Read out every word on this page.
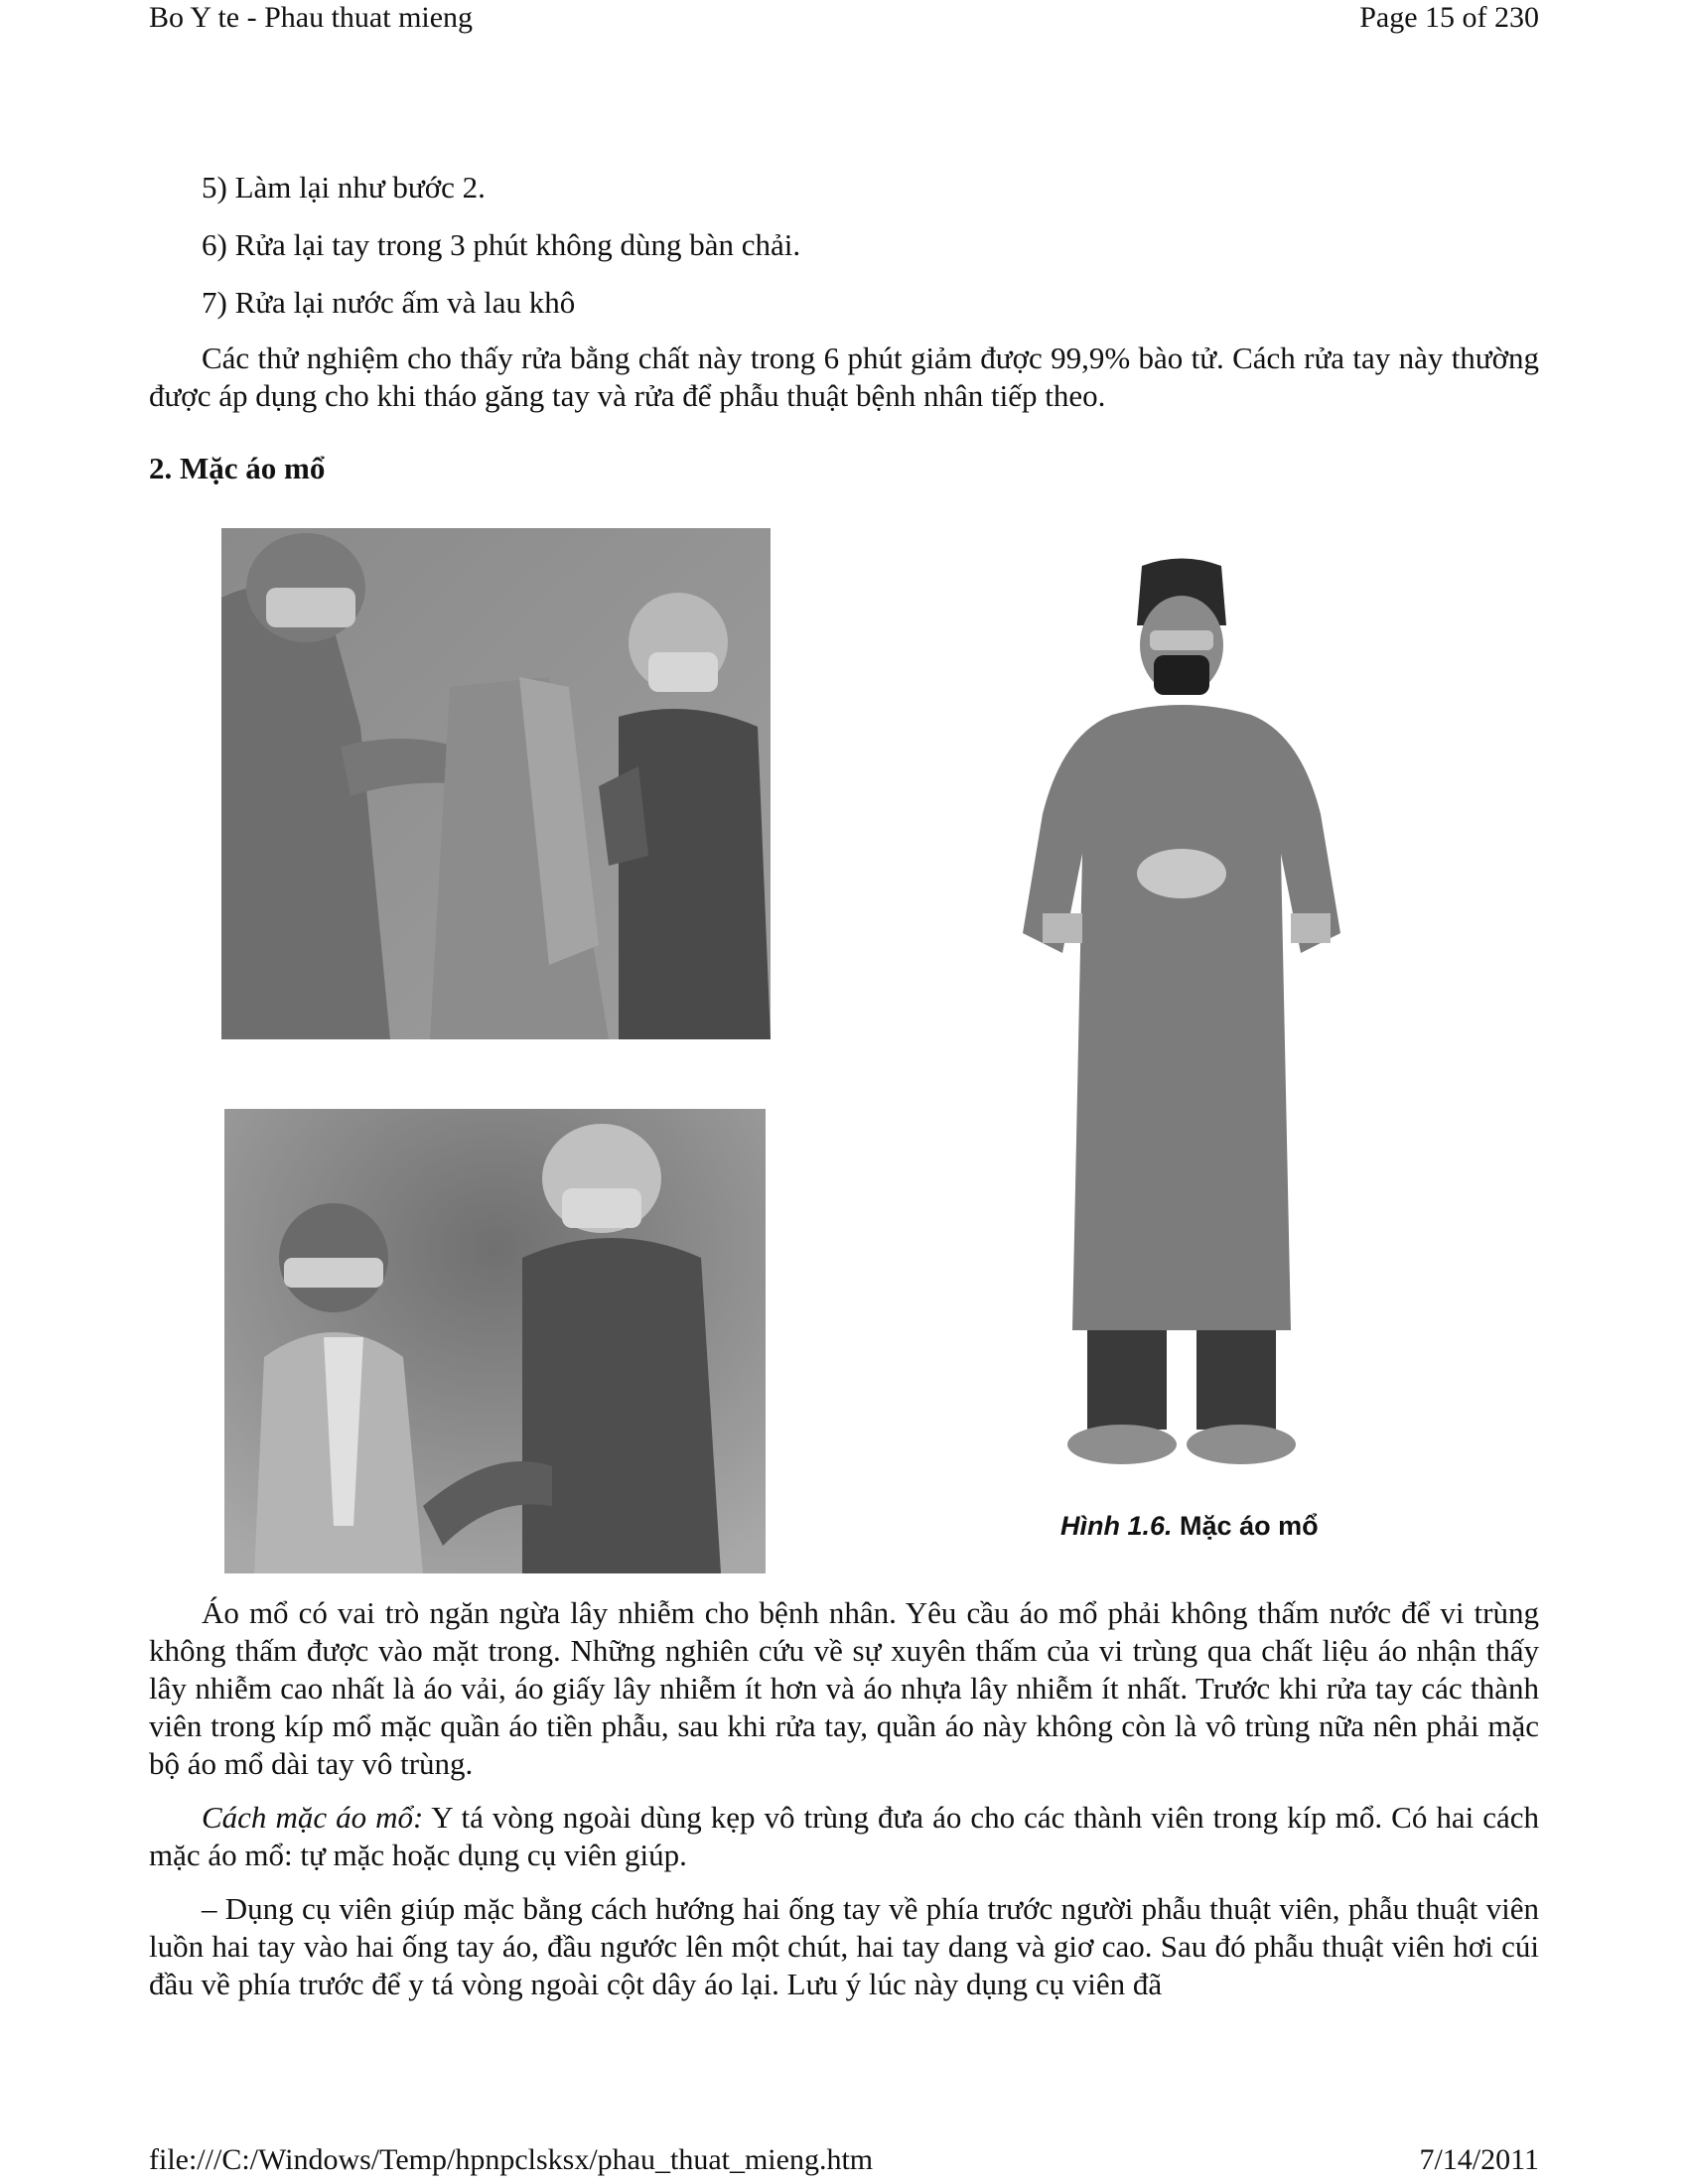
Bo Y te - Phau thuat mieng	Page 15 of 230

5) Làm lại như bước 2.

6) Rửa lại tay trong 3 phút không dùng bàn chải.

7) Rửa lại nước ấm và lau khô

Các thử nghiệm cho thấy rửa bằng chất này trong 6 phút giảm được 99,9% bào tử. Cách rửa tay này thường được áp dụng cho khi tháo găng tay và rửa để phẫu thuật bệnh nhân tiếp theo.

2. Mặc áo mổ

Hình 1.6. Mặc áo mổ

Áo mổ có vai trò ngăn ngừa lây nhiễm cho bệnh nhân. Yêu cầu áo mổ phải không thấm nước để vi trùng không thấm được vào mặt trong. Những nghiên cứu về sự xuyên thấm của vi trùng qua chất liệu áo nhận thấy lây nhiễm cao nhất là áo vải, áo giấy lây nhiễm ít hơn và áo nhựa lây nhiễm ít nhất. Trước khi rửa tay các thành viên trong kíp mổ mặc quần áo tiền phẫu, sau khi rửa tay, quần áo này không còn là vô trùng nữa nên phải mặc bộ áo mổ dài tay vô trùng.

Cách mặc áo mổ: Y tá vòng ngoài dùng kẹp vô trùng đưa áo cho các thành viên trong kíp mổ. Có hai cách mặc áo mổ: tự mặc hoặc dụng cụ viên giúp.

– Dụng cụ viên giúp mặc bằng cách hướng hai ống tay về phía trước người phẫu thuật viên, phẫu thuật viên luồn hai tay vào hai ống tay áo, đầu ngước lên một chút, hai tay dang và giơ cao. Sau đó phẫu thuật viên hơi cúi đầu về phía trước để y tá vòng ngoài cột dây áo lại. Lưu ý lúc này dụng cụ viên đã

file:///C:/Windows/Temp/hpnpclsksx/phau_thuat_mieng.htm	7/14/2011
